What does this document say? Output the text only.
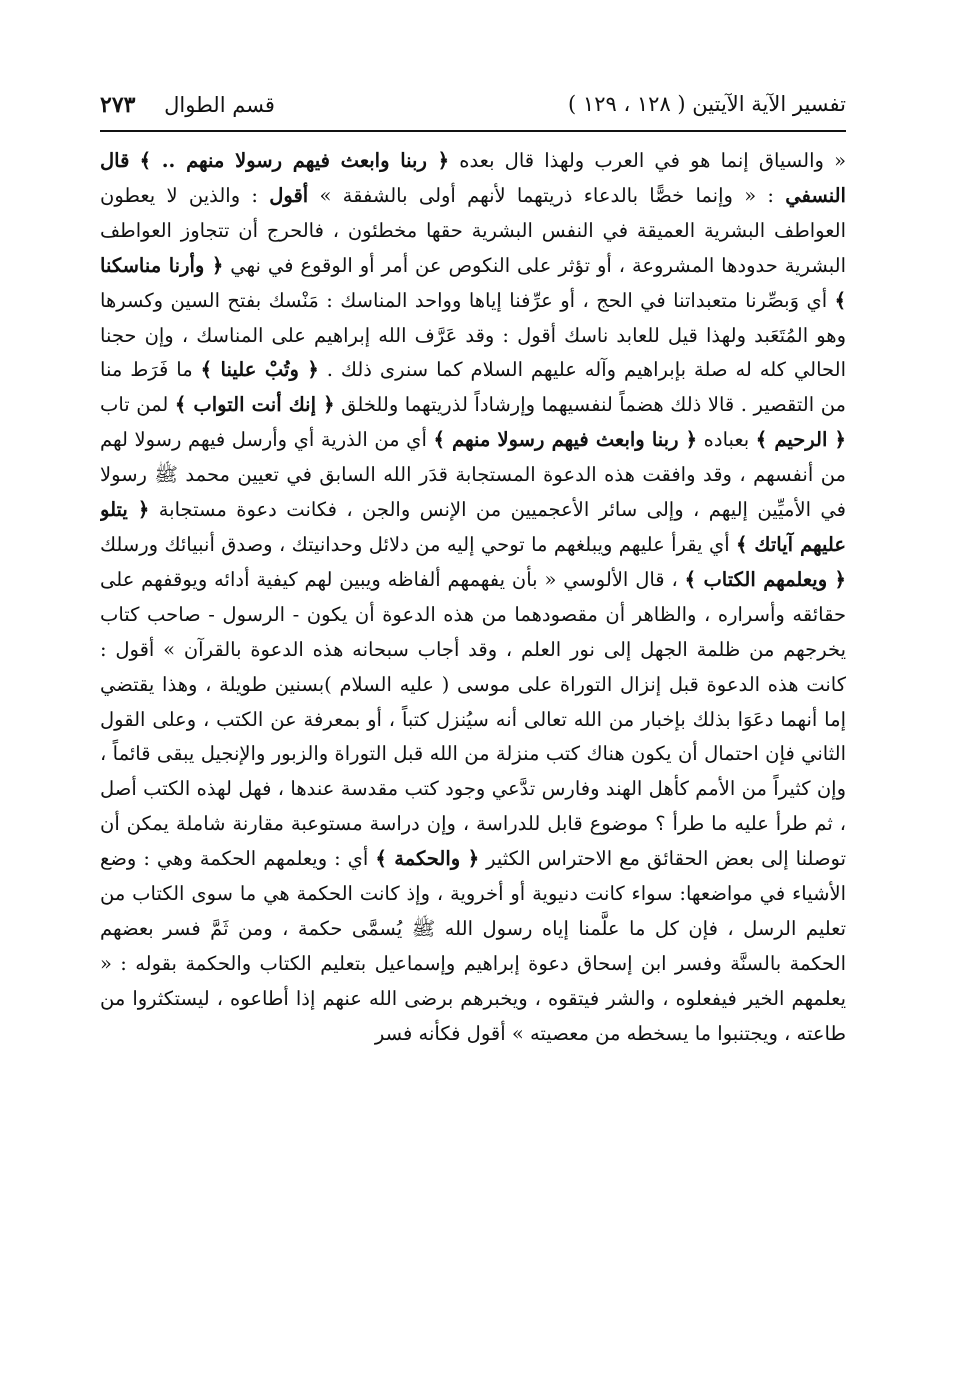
تفسير الآية الآيتين ( ١٢٨ ، ١٢٩ )
قسم الطوال ٢٧٣

« والسياق إنما هو في العرب ولهذا قال بعده ﴿ ربنا وابعث فيهم رسولا منهم .. ﴾ قال النسفي : « وإنما خصًّا بالدعاء ذريتهما لأنهم أولى بالشفقة » أقول : والذين لا يعطون العواطف البشرية العميقة في النفس البشرية حقها مخطئون ، فالحرج أن تتجاوز العواطف البشرية حدودها المشروعة ، أو تؤثر على النكوص عن أمر أو الوقوع في نهي ﴿ وأرنا مناسكنا ﴾ أي وَبصِّرنا متعبداتنا في الحج ، أو عرِّفنا إياها وواحد المناسك : مَنْسك بفتح السين وكسرها وهو المُتَعَبد ولهذا قيل للعابد ناسك أقول : وقد عَرَّف الله إبراهيم على المناسك ، وإن حجنا الحالي كله له صلة بإبراهيم وآله عليهم السلام كما سنرى ذلك . ﴿ وتُبْ علينا ﴾ ما فَرَط منا من التقصير . قالا ذلك هضماً لنفسيهما وإرشاداً لذريتهما وللخلق ﴿ إنك أنت التواب ﴾ لمن تاب ﴿ الرحيم ﴾ بعباده ﴿ ربنا وابعث فيهم رسولا منهم ﴾ أي من الذرية أي وأرسل فيهم رسولا لهم من أنفسهم ، وقد وافقت هذه الدعوة المستجابة قدَر الله السابق في تعيين محمد ﷺ رسولا في الأميِّين إليهم ، وإلى سائر الأعجميين من الإنس والجن ، فكانت دعوة مستجابة ﴿ يتلو عليهم آياتك ﴾ أي يقرأ عليهم ويبلغهم ما توحي إليه من دلائل وحدانيتك ، وصدق أنبيائك ورسلك ﴿ ويعلمهم الكتاب ﴾ ، قال الألوسي « بأن يفهمهم ألفاظه ويبين لهم كيفية أدائه ويوقفهم على حقائقه وأسراره ، والظاهر أن مقصودهما من هذه الدعوة أن يكون - الرسول - صاحب كتاب يخرجهم من ظلمة الجهل إلى نور العلم ، وقد أجاب سبحانه هذه الدعوة بالقرآن » أقول : كانت هذه الدعوة قبل إنزال التوراة على موسى ( عليه السلام )بسنين طويلة ، وهذا يقتضي إما أنهما دعَوَا بذلك بإخبار من الله تعالى أنه سيُنزل كتباً ، أو بمعرفة عن الكتب ، وعلى القول الثاني فإن احتمال أن يكون هناك كتب منزلة من الله قبل التوراة والزبور والإنجيل يبقى قائماً ، وإن كثيراً من الأمم كأهل الهند وفارس تدَّعي وجود كتب مقدسة عندها ، فهل لهذه الكتب أصل ، ثم طرأ عليه ما طرأ ؟ موضوع قابل للدراسة ، وإن دراسة مستوعبة مقارنة شاملة يمكن أن توصلنا إلى بعض الحقائق مع الاحتراس الكثير ﴿ والحكمة ﴾ أي : ويعلمهم الحكمة وهي : وضع الأشياء في مواضعها: سواء كانت دنيوية أو أخروية ، وإذ كانت الحكمة هي ما سوى الكتاب من تعليم الرسل ، فإن كل ما علَّمنا إياه رسول الله ﷺ يُسمَّى حكمة ، ومن ثَمَّ فسر بعضهم الحكمة بالسنَّة وفسر ابن إسحاق دعوة إبراهيم وإسماعيل بتعليم الكتاب والحكمة بقوله : « يعلمهم الخير فيفعلوه ، والشر فيتقوه ، ويخبرهم برضى الله عنهم إذا أطاعوه ، ليستكثروا من طاعته ، ويجتنبوا ما يسخطه من معصيته » أقول فكأنه فسر
